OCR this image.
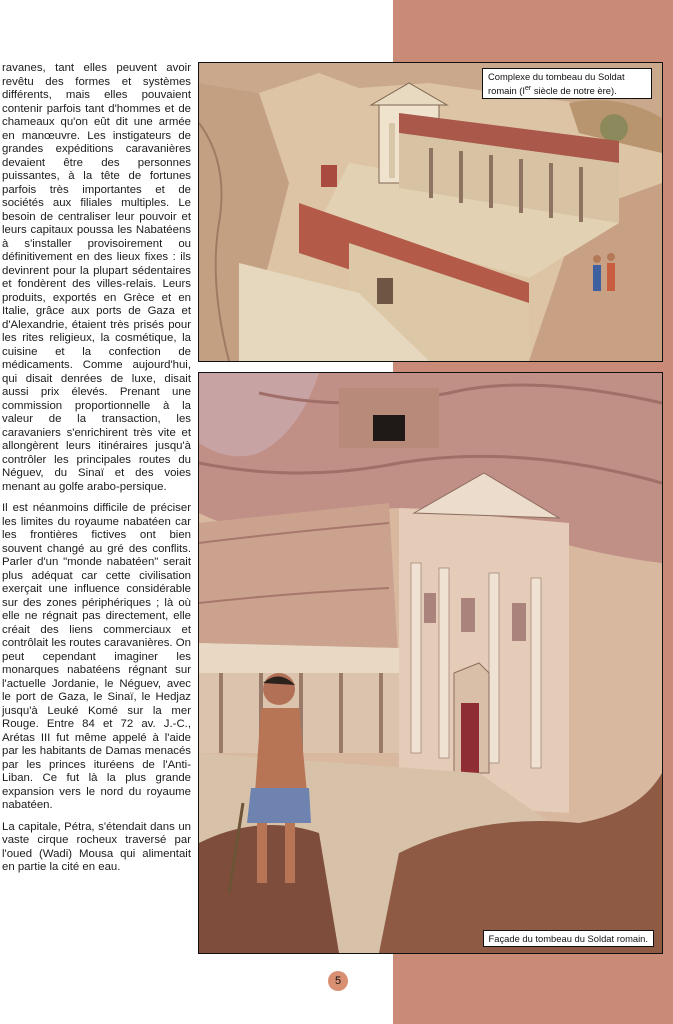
ravanes, tant elles peuvent avoir revêtu des formes et systèmes différents, mais elles pouvaient contenir parfois tant d'hommes et de chameaux qu'on eût dit une armée en manœuvre. Les instigateurs de grandes expéditions caravanières devaient être des personnes puissantes, à la tête de fortunes parfois très importantes et de sociétés aux filiales multiples. Le besoin de centraliser leur pouvoir et leurs capitaux poussa les Nabatéens à s'installer provisoirement ou définitivement en des lieux fixes : ils devinrent pour la plupart sédentaires et fondèrent des villes-relais. Leurs produits, exportés en Grèce et en Italie, grâce aux ports de Gaza et d'Alexandrie, étaient très prisés pour les rites religieux, la cosmétique, la cuisine et la confection de médicaments. Comme aujourd'hui, qui disait denrées de luxe, disait aussi prix élevés. Prenant une commission proportionnelle à la valeur de la transaction, les caravaniers s'enrichirent très vite et allongèrent leurs itinéraires jusqu'à contrôler les principales routes du Néguev, du Sinaï et des voies menant au golfe arabo-persique.

Il est néanmoins difficile de préciser les limites du royaume nabatéen car les frontières fictives ont bien souvent changé au gré des conflits. Parler d'un "monde nabatéen" serait plus adéquat car cette civilisation exerçait une influence considérable sur des zones périphériques ; là où elle ne régnait pas directement, elle créait des liens commerciaux et contrôlait les routes caravanières. On peut cependant imaginer les monarques nabatéens régnant sur l'actuelle Jordanie, le Néguev, avec le port de Gaza, le Sinaï, le Hedjaz jusqu'à Leuké Komé sur la mer Rouge. Entre 84 et 72 av. J.-C., Arétas III fut même appelé à l'aide par les habitants de Damas menacés par les princes ituréens de l'Anti-Liban. Ce fut là la plus grande expansion vers le nord du royaume nabatéen.

La capitale, Pétra, s'étendait dans un vaste cirque rocheux traversé par l'oued (Wadi) Mousa qui alimentait en partie la cité en eau.

Complexe du tombeau du Soldat romain (Ier siècle de notre ère).
Façade du tombeau du Soldat romain.
5
